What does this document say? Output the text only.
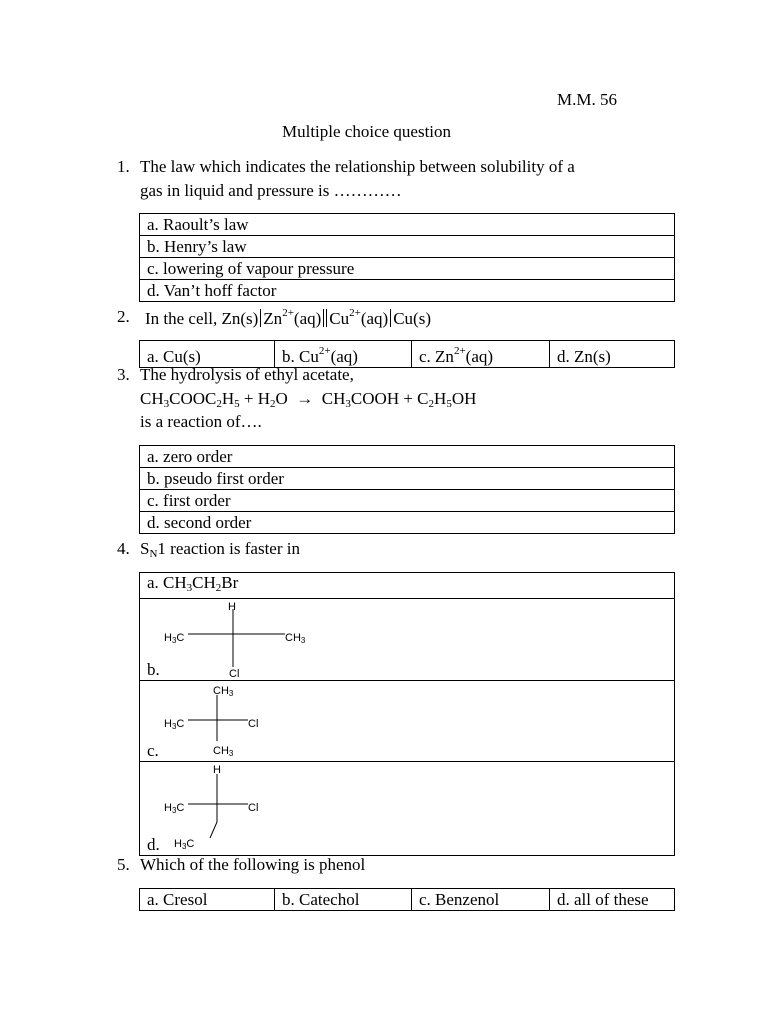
M.M. 56
Multiple choice question
1. The law which indicates the relationship between solubility of a
gas in liquid and pressure is …………
a. Raoult’s law
b. Henry’s law
c. lowering of vapour pressure
d. Van’t hoff factor
2. In the cell, Zn(s) $Zn^{2+}(aq)$ $Cu^{2+}(aq)$ Cu(s)
a. Cu(s)	b. $Cu^{2+}(aq)$	c. $Zn^{2+}(aq)$	d. Zn(s)
3. The hydrolysis of ethyl acetate,
$CH_3COOC_2H_5 + H_2O$  →  $CH_3COOH + C_2H_5OH$
is a reaction of….
a. zero order
b. pseudo first order
c. first order
d. second order
4. $S_N1$ reaction is faster in
a. $CH_3CH_2Br$

b.
H
$H_3C$	$CH_3$
Cl

c.
$CH_3$
$H_3C$	Cl
$CH_3$

d.
H
$H_3C$	Cl
$H_3C$
5. Which of the following is phenol
a. Cresol	b. Catechol	c. Benzenol	d. all of these
